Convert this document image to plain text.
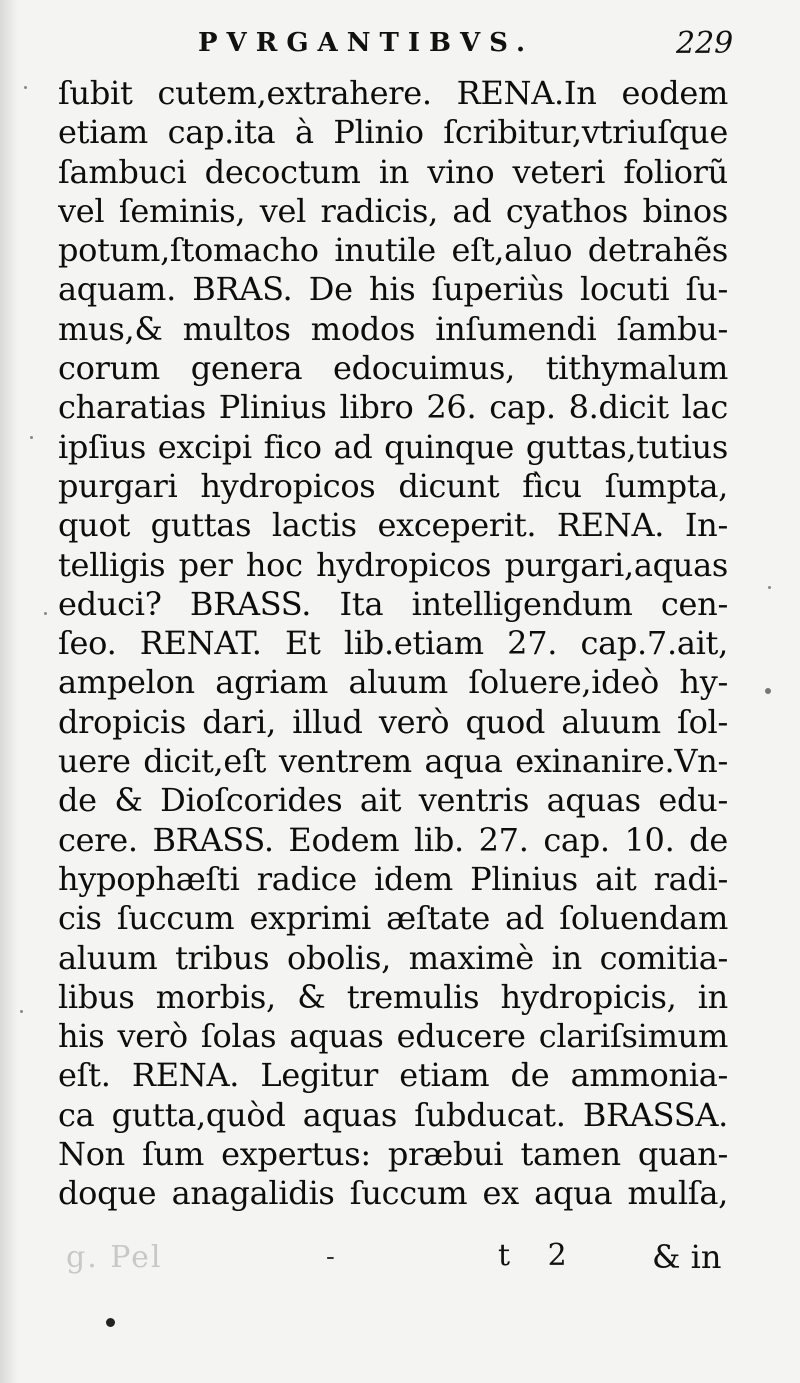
PVRGANTIBVS.	229
ſubit cutem,extrahere. RENA.In eodem
etiam cap.ita à Plinio ſcribitur,vtriuſque
ſambuci decoctum in vino veteri foliorũ
vel ſeminis, vel radicis, ad cyathos binos
potum,ſtomacho inutile eſt,aluo detrahẽs
aquam. BRAS. De his ſuperiùs locuti ſu-
mus,& multos modos inſumendi ſambu-
corum genera edocuimus, tithymalum
charatias Plinius libro 26. cap. 8.dicit lac
ipſius excipi fico ad quinque guttas,tutius
purgari hydropicos dicunt fìcu ſumpta,
quot guttas lactis exceperit. RENA. In-
telligis per hoc hydropicos purgari,aquas
educi? BRASS. Ita intelligendum cen-
ſeo. RENAT. Et lib.etiam 27. cap.7.ait,
ampelon agriam aluum ſoluere,ideò hy-
dropicis dari, illud verò quod aluum ſol-
uere dicit,eſt ventrem aqua exinanire.Vn-
de & Dioſcorides ait ventris aquas edu-
cere. BRASS. Eodem lib. 27. cap. 10. de
hypophæſti radice idem Plinius ait radi-
cis ſuccum exprimi æſtate ad ſoluendam
aluum tribus obolis, maximè in comitia-
libus morbis, & tremulis hydropicis, in
his verò ſolas aquas educere clariſsimum
eſt. RENA. Legitur etiam de ammonia-
ca gutta,quòd aquas ſubducat. BRASSA.
Non ſum expertus: præbui tamen quan-
doque anagalidis ſuccum ex aqua mulſa,
g. Pel	-	t 2 & in
